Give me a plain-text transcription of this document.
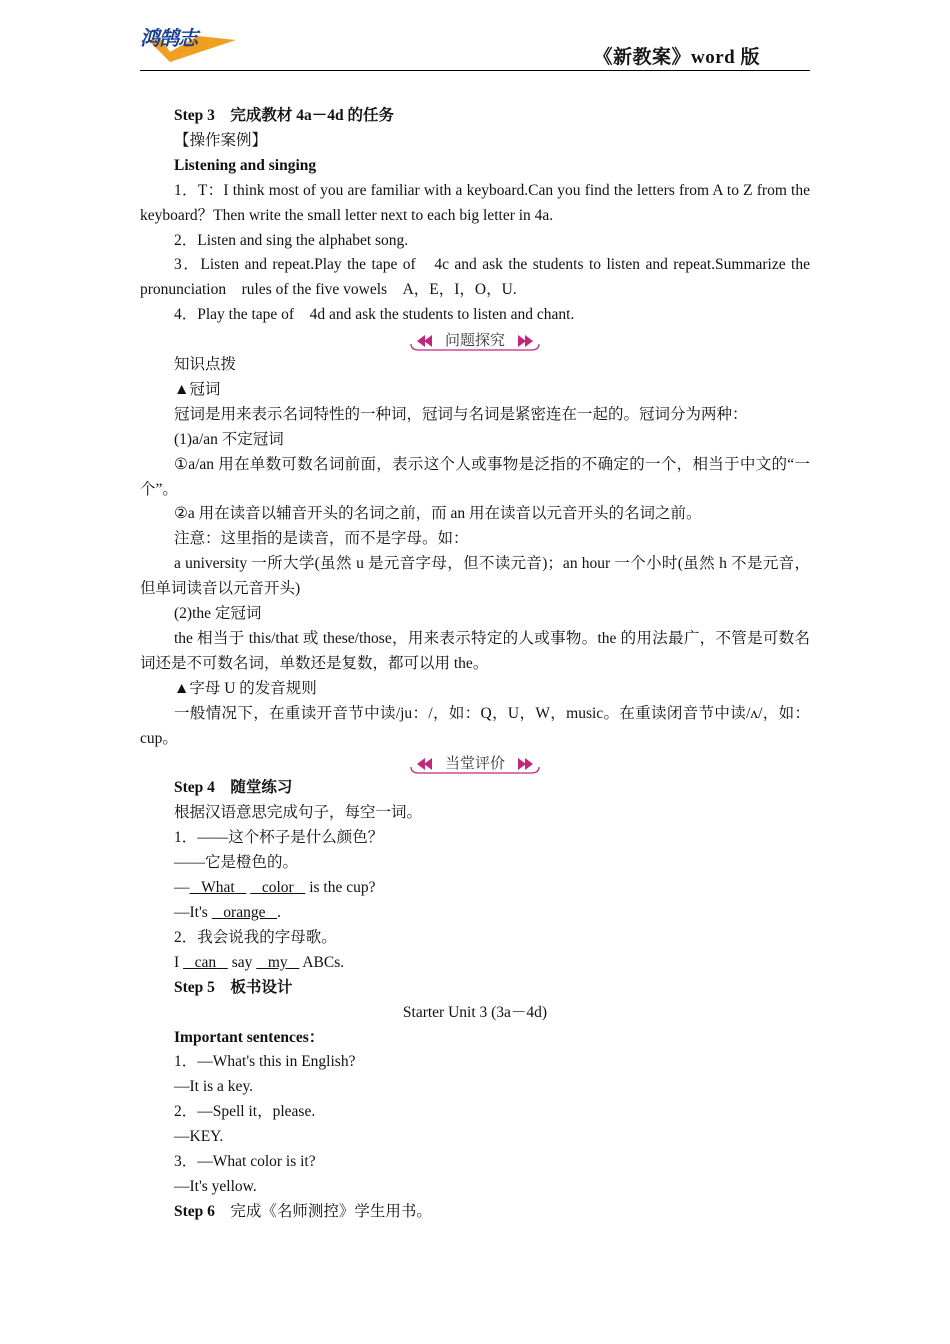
鸿鹄志
《新教案》word 版

Step 3　完成教材 4a－4d 的任务

【操作案例】

Listening and singing

1．T：I think most of you are familiar with a keyboard.Can you find the letters from A to Z from the keyboard？Then write the small letter next to each big letter in 4a.

2．Listen and sing the alphabet song.

3．Listen and repeat.Play the tape of　4c and ask the students to listen and repeat.Summarize the pronunciation　rules of the five vowels　A，E，I，O，U.

4．Play the tape of　4d and ask the students to listen and chant.

问题探究

知识点拨

▲冠词

冠词是用来表示名词特性的一种词，冠词与名词是紧密连在一起的。冠词分为两种：

(1)a/an 不定冠词

①a/an 用在单数可数名词前面，表示这个人或事物是泛指的不确定的一个，相当于中文的“一个”。

②a 用在读音以辅音开头的名词之前，而 an 用在读音以元音开头的名词之前。

注意：这里指的是读音，而不是字母。如：

a university 一所大学(虽然 u 是元音字母，但不读元音)；an hour 一个小时(虽然 h 不是元音，但单词读音以元音开头)

(2)the 定冠词

the 相当于 this/that 或 these/those，用来表示特定的人或事物。the 的用法最广，不管是可数名词还是不可数名词，单数还是复数，都可以用 the。

▲字母 U 的发音规则

一般情况下，在重读开音节中读/ju：/，如：Q，U，W，music。在重读闭音节中读/ʌ/，如：cup。

当堂评价

Step 4　随堂练习

根据汉语意思完成句子，每空一词。

1．——这个杯子是什么颜色？

——它是橙色的。

— What color is the cup?

—It's orange .

2．我会说我的字母歌。

I can say my ABCs.

Step 5　板书设计

Starter Unit 3 (3a－4d)

Important sentences：

1．—What's this in English?

—It is a key.

2．—Spell it，please.

—KEY.

3．—What color is it?

—It's yellow.

Step 6　完成《名师测控》学生用书。
